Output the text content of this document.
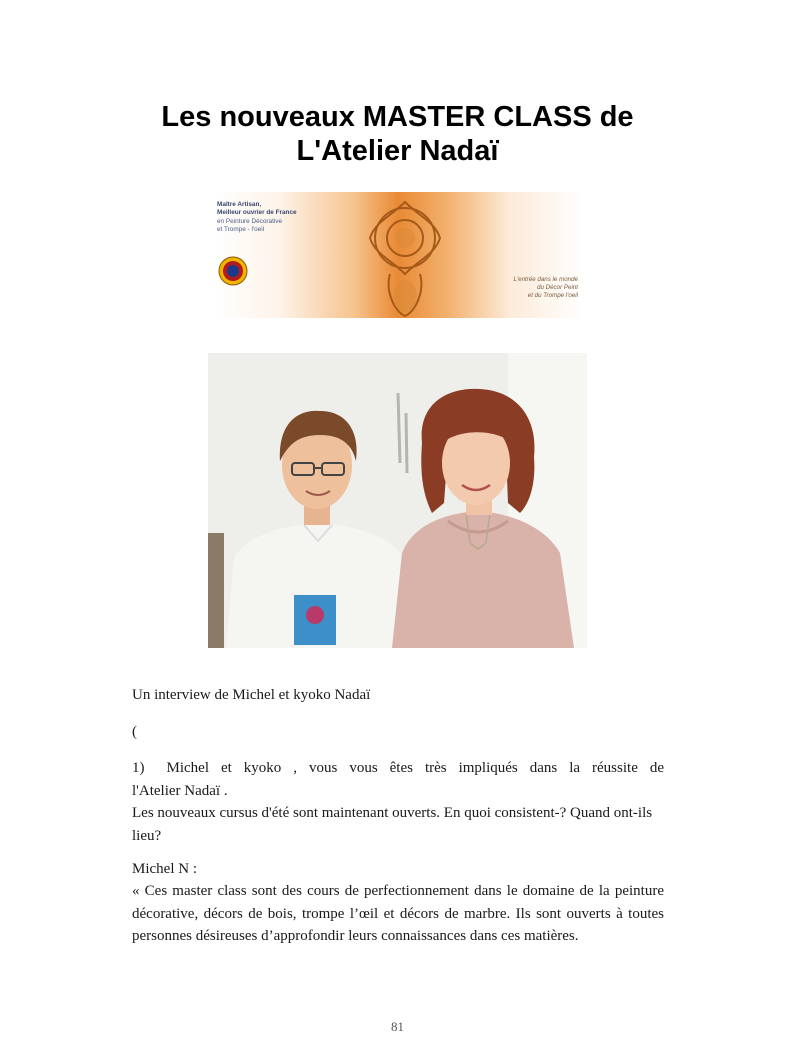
Les nouveaux MASTER CLASS de
L'Atelier Nadaï
Maître Artisan,
Meilleur ouvrier de France
en Peinture Décorative
et Trompe - l'oeil
L'entrée dans le monde
du Décor Peint
et du Trompe l'oeil
Un interview de Michel et kyoko Nadaï
(
1)	Michel et kyoko , vous vous êtes très impliqués dans la réussite de
l'Atelier Nadaï .
Les nouveaux cursus d'été sont maintenant ouverts. En quoi consistent-? Quand ont-ils lieu?
Michel N :
« Ces master class sont des cours de perfectionnement dans le domaine de la peinture décorative, décors de bois, trompe l’œil et décors de marbre. Ils sont ouverts à toutes personnes désireuses d’approfondir leurs connaissances dans ces matières.
81
